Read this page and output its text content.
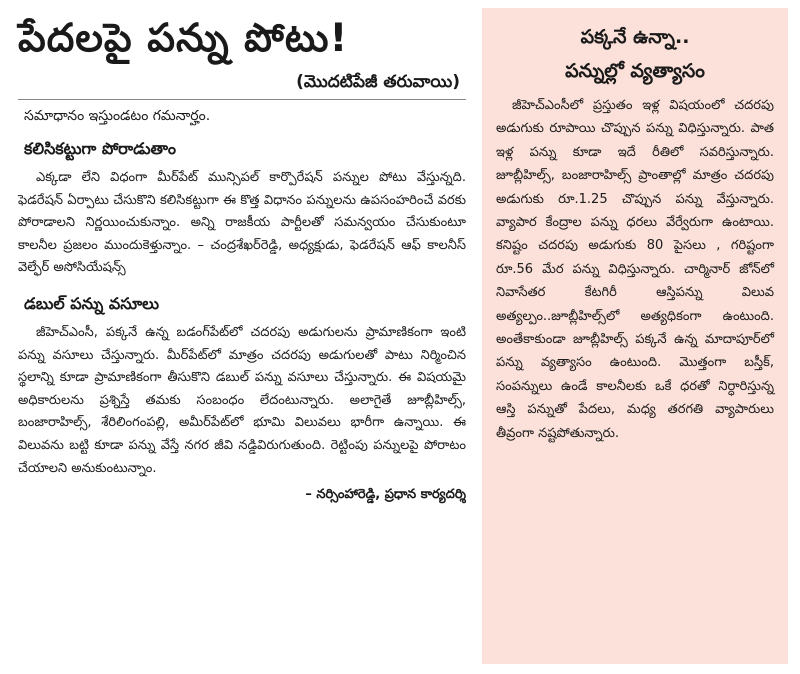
పేదలపై పన్ను పోటు!

(మొదటిపేజీ తరువాయి)

సమాధానం ఇస్తుండటం గమనార్హం.

కలిసికట్టుగా పోరాడుతాం

ఎక్కడా లేని విధంగా మీర్‌పేట్ మున్సిపల్ కార్పొరేషన్ పన్నుల పోటు వేస్తున్నది. ఫెడరేషన్ ఏర్పాటు చేసుకొని కలిసికట్టుగా ఈ కొత్త విధానం పన్నులను ఉపసంహరించే వరకు పోరాడాలని నిర్ణయించుకున్నాం. అన్ని రాజకీయ పార్టీలతో సమన్వయం చేసుకుంటూ కాలనీల ప్రజలం ముందుకెళ్తున్నాం. – చంద్రశేఖర్‌రెడ్డి, అధ్యక్షుడు, ఫెడరేషన్ ఆఫ్ కాలనీస్ వెల్ఫేర్ అసోసియేషన్స్

డబుల్ పన్ను వసూలు

జీహెచ్‌ఎంసీ, పక్కనే ఉన్న బడంగ్‌పేట్‌లో చదరపు అడుగులను ప్రామాణికంగా ఇంటి పన్ను వసూలు చేస్తున్నారు. మీర్‌పేట్‌లో మాత్రం చదరపు అడుగులతో పాటు నిర్మించిన స్థలాన్ని కూడా ప్రామాణికంగా తీసుకొని డబుల్ పన్ను వసూలు చేస్తున్నారు. ఈ విషయమై అధికారులను ప్రశ్నిస్తే తమకు సంబంధం లేదంటున్నారు. అలాగైతే జూబ్లీహిల్స్, బంజారాహిల్స్, శేరిలింగంపల్లి, అమీర్‌పేట్‌లో భూమి విలువలు భారీగా ఉన్నాయి. ఈ విలువను బట్టి కూడా పన్ను వేస్తే నగర జీవి నడ్డివిరుగుతుంది. రెట్టింపు పన్నులపై పోరాటం చేయాలని అనుకుంటున్నాం.

– నర్సింహారెడ్డి, ప్రధాన కార్యదర్శి

పక్కనే ఉన్నా..

పన్నుల్లో వ్యత్యాసం

జీహెచ్‌ఎంసీలో ప్రస్తుతం ఇళ్ల విషయంలో చదరపు అడుగుకు రూపాయి చొప్పున పన్ను విధిస్తున్నారు. పాత ఇళ్ల పన్ను కూడా ఇదే రీతిలో సవరిస్తున్నారు. జూబ్లీహిల్స్, బంజారాహిల్స్ ప్రాంతాల్లో మాత్రం చదరపు అడుగుకు రూ.1.25 చొప్పున పన్ను వేస్తున్నారు. వ్యాపార కేంద్రాల పన్ను ధరలు వేర్వేరుగా ఉంటాయి. కనిష్టం చదరపు అడుగుకు 80 పైసలు , గరిష్టంగా రూ.56 మేర పన్ను విధిస్తున్నారు. చార్మినార్ జోన్‌లో నివాసేతర కేటగిరీ ఆస్తిపన్ను విలువ అత్యల్పం..జూబ్లీహిల్స్‌లో అత్యధికంగా ఉంటుంది. అంతేకాకుండా జూబ్లీహిల్స్ పక్కనే ఉన్న మాదాపూర్‌లో పన్ను వ్యత్యాసం ఉంటుంది. మొత్తంగా బస్తీక్, సంపన్నులు ఉండే కాలనీలకు ఒకే ధరతో నిర్ధారిస్తున్న ఆస్తి పన్నుతో పేదలు, మధ్య తరగతి వ్యాపారులు తీవ్రంగా నష్టపోతున్నారు.
